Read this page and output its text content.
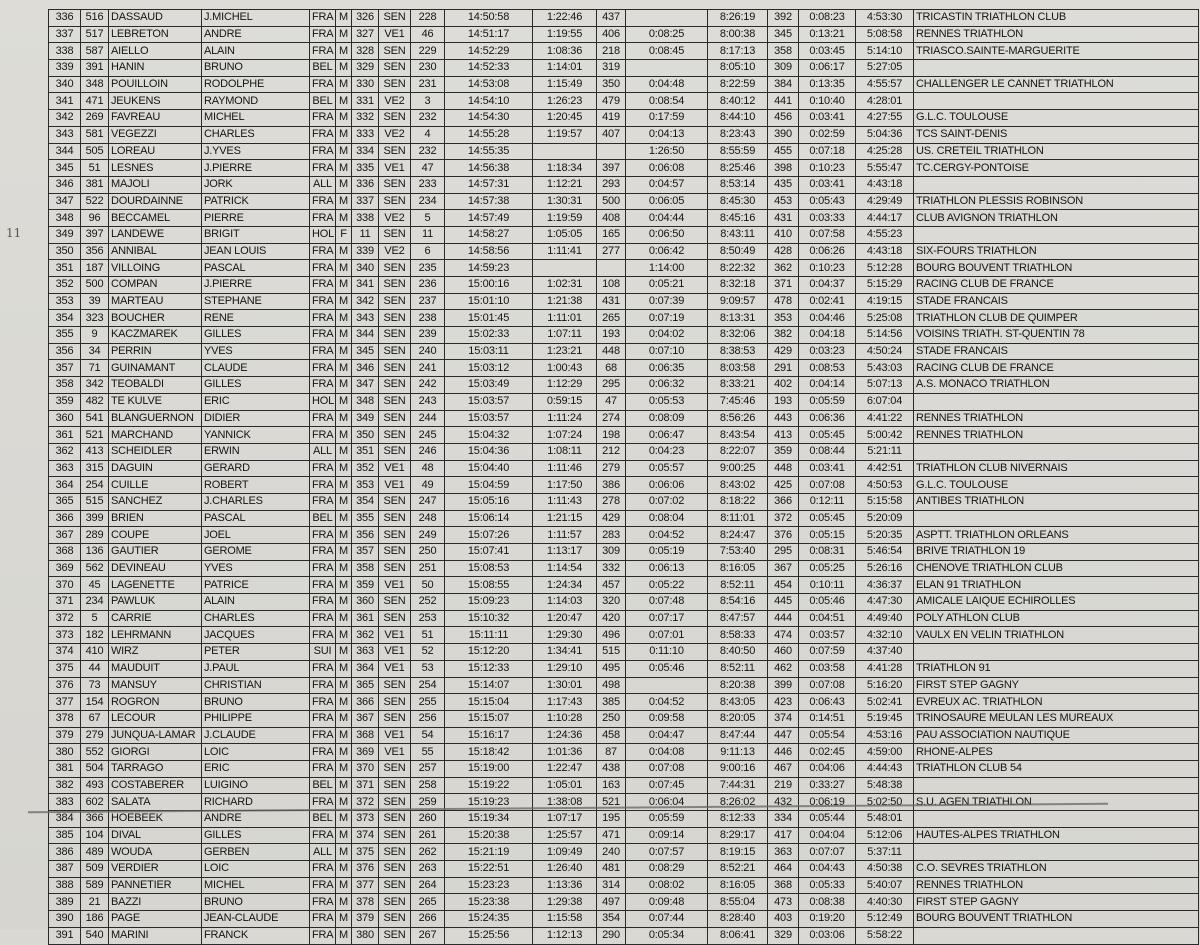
11
336	516	DASSAUD	J.MICHEL	FRA	M	326	SEN	228	14:50:58	1:22:46	437		8:26:19	392	0:08:23	4:53:30	TRICASTIN TRIATHLON CLUB
337	517	LEBRETON	ANDRE	FRA	M	327	VE1	46	14:51:17	1:19:55	406	0:08:25	8:00:38	345	0:13:21	5:08:58	RENNES TRIATHLON
338	587	AIELLO	ALAIN	FRA	M	328	SEN	229	14:52:29	1:08:36	218	0:08:45	8:17:13	358	0:03:45	5:14:10	TRIASCO.SAINTE-MARGUERITE
339	391	HANIN	BRUNO	BEL	M	329	SEN	230	14:52:33	1:14:01	319		8:05:10	309	0:06:17	5:27:05	
340	348	POUILLOIN	RODOLPHE	FRA	M	330	SEN	231	14:53:08	1:15:49	350	0:04:48	8:22:59	384	0:13:35	4:55:57	CHALLENGER LE CANNET TRIATHLON
341	471	JEUKENS	RAYMOND	BEL	M	331	VE2	3	14:54:10	1:26:23	479	0:08:54	8:40:12	441	0:10:40	4:28:01	
342	269	FAVREAU	MICHEL	FRA	M	332	SEN	232	14:54:30	1:20:45	419	0:17:59	8:44:10	456	0:03:41	4:27:55	G.L.C. TOULOUSE
343	581	VEGEZZI	CHARLES	FRA	M	333	VE2	4	14:55:28	1:19:57	407	0:04:13	8:23:43	390	0:02:59	5:04:36	TCS SAINT-DENIS
344	505	LOREAU	J.YVES	FRA	M	334	SEN	232	14:55:35			1:26:50	8:55:59	455	0:07:18	4:25:28	US. CRETEIL TRIATHLON
345	51	LESNES	J.PIERRE	FRA	M	335	VE1	47	14:56:38	1:18:34	397	0:06:08	8:25:46	398	0:10:23	5:55:47	TC.CERGY-PONTOISE
346	381	MAJOLI	JORK	ALL	M	336	SEN	233	14:57:31	1:12:21	293	0:04:57	8:53:14	435	0:03:41	4:43:18	
347	522	DOURDAINNE	PATRICK	FRA	M	337	SEN	234	14:57:38	1:30:31	500	0:06:05	8:45:30	453	0:05:43	4:29:49	TRIATHLON PLESSIS ROBINSON
348	96	BECCAMEL	PIERRE	FRA	M	338	VE2	5	14:57:49	1:19:59	408	0:04:44	8:45:16	431	0:03:33	4:44:17	CLUB AVIGNON TRIATHLON
349	397	LANDEWE	BRIGIT	HOL	F	11	SEN	11	14:58:27	1:05:05	165	0:06:50	8:43:11	410	0:07:58	4:55:23	
350	356	ANNIBAL	JEAN LOUIS	FRA	M	339	VE2	6	14:58:56	1:11:41	277	0:06:42	8:50:49	428	0:06:26	4:43:18	SIX-FOURS TRIATHLON
351	187	VILLOING	PASCAL	FRA	M	340	SEN	235	14:59:23			1:14:00	8:22:32	362	0:10:23	5:12:28	BOURG BOUVENT TRIATHLON
352	500	COMPAN	J.PIERRE	FRA	M	341	SEN	236	15:00:16	1:02:31	108	0:05:21	8:32:18	371	0:04:37	5:15:29	RACING CLUB DE FRANCE
353	39	MARTEAU	STEPHANE	FRA	M	342	SEN	237	15:01:10	1:21:38	431	0:07:39	9:09:57	478	0:02:41	4:19:15	STADE FRANCAIS
354	323	BOUCHER	RENE	FRA	M	343	SEN	238	15:01:45	1:11:01	265	0:07:19	8:13:31	353	0:04:46	5:25:08	TRIATHLON CLUB DE QUIMPER
355	9	KACZMAREK	GILLES	FRA	M	344	SEN	239	15:02:33	1:07:11	193	0:04:02	8:32:06	382	0:04:18	5:14:56	VOISINS TRIATH. ST-QUENTIN 78
356	34	PERRIN	YVES	FRA	M	345	SEN	240	15:03:11	1:23:21	448	0:07:10	8:38:53	429	0:03:23	4:50:24	STADE FRANCAIS
357	71	GUINAMANT	CLAUDE	FRA	M	346	SEN	241	15:03:12	1:00:43	68	0:06:35	8:03:58	291	0:08:53	5:43:03	RACING CLUB DE FRANCE
358	342	TEOBALDI	GILLES	FRA	M	347	SEN	242	15:03:49	1:12:29	295	0:06:32	8:33:21	402	0:04:14	5:07:13	A.S. MONACO TRIATHLON
359	482	TE KULVE	ERIC	HOL	M	348	SEN	243	15:03:57	0:59:15	47	0:05:53	7:45:46	193	0:05:59	6:07:04	
360	541	BLANGUERNON	DIDIER	FRA	M	349	SEN	244	15:03:57	1:11:24	274	0:08:09	8:56:26	443	0:06:36	4:41:22	RENNES TRIATHLON
361	521	MARCHAND	YANNICK	FRA	M	350	SEN	245	15:04:32	1:07:24	198	0:06:47	8:43:54	413	0:05:45	5:00:42	RENNES TRIATHLON
362	413	SCHEIDLER	ERWIN	ALL	M	351	SEN	246	15:04:36	1:08:11	212	0:04:23	8:22:07	359	0:08:44	5:21:11	
363	315	DAGUIN	GERARD	FRA	M	352	VE1	48	15:04:40	1:11:46	279	0:05:57	9:00:25	448	0:03:41	4:42:51	TRIATHLON CLUB NIVERNAIS
364	254	CUILLE	ROBERT	FRA	M	353	VE1	49	15:04:59	1:17:50	386	0:06:06	8:43:02	425	0:07:08	4:50:53	G.L.C. TOULOUSE
365	515	SANCHEZ	J.CHARLES	FRA	M	354	SEN	247	15:05:16	1:11:43	278	0:07:02	8:18:22	366	0:12:11	5:15:58	ANTIBES TRIATHLON
366	399	BRIEN	PASCAL	BEL	M	355	SEN	248	15:06:14	1:21:15	429	0:08:04	8:11:01	372	0:05:45	5:20:09	
367	289	COUPE	JOEL	FRA	M	356	SEN	249	15:07:26	1:11:57	283	0:04:52	8:24:47	376	0:05:15	5:20:35	ASPTT. TRIATHLON ORLEANS
368	136	GAUTIER	GEROME	FRA	M	357	SEN	250	15:07:41	1:13:17	309	0:05:19	7:53:40	295	0:08:31	5:46:54	BRIVE TRIATHLON 19
369	562	DEVINEAU	YVES	FRA	M	358	SEN	251	15:08:53	1:14:54	332	0:06:13	8:16:05	367	0:05:25	5:26:16	CHENOVE TRIATHLON CLUB
370	45	LAGENETTE	PATRICE	FRA	M	359	VE1	50	15:08:55	1:24:34	457	0:05:22	8:52:11	454	0:10:11	4:36:37	ELAN 91 TRIATHLON
371	234	PAWLUK	ALAIN	FRA	M	360	SEN	252	15:09:23	1:14:03	320	0:07:48	8:54:16	445	0:05:46	4:47:30	AMICALE LAIQUE ECHIROLLES
372	5	CARRIE	CHARLES	FRA	M	361	SEN	253	15:10:32	1:20:47	420	0:07:17	8:47:57	444	0:04:51	4:49:40	POLY ATHLON CLUB
373	182	LEHRMANN	JACQUES	FRA	M	362	VE1	51	15:11:11	1:29:30	496	0:07:01	8:58:33	474	0:03:57	4:32:10	VAULX EN VELIN TRIATHLON
374	410	WIRZ	PETER	SUI	M	363	VE1	52	15:12:20	1:34:41	515	0:11:10	8:40:50	460	0:07:59	4:37:40	
375	44	MAUDUIT	J.PAUL	FRA	M	364	VE1	53	15:12:33	1:29:10	495	0:05:46	8:52:11	462	0:03:58	4:41:28	TRIATHLON 91
376	73	MANSUY	CHRISTIAN	FRA	M	365	SEN	254	15:14:07	1:30:01	498		8:20:38	399	0:07:08	5:16:20	FIRST STEP GAGNY
377	154	ROGRON	BRUNO	FRA	M	366	SEN	255	15:15:04	1:17:43	385	0:04:52	8:43:05	423	0:06:43	5:02:41	EVREUX AC. TRIATHLON
378	67	LECOUR	PHILIPPE	FRA	M	367	SEN	256	15:15:07	1:10:28	250	0:09:58	8:20:05	374	0:14:51	5:19:45	TRINOSAURE MEULAN LES MUREAUX
379	279	JUNQUA-LAMAR	J.CLAUDE	FRA	M	368	VE1	54	15:16:17	1:24:36	458	0:04:47	8:47:44	447	0:05:54	4:53:16	PAU ASSOCIATION NAUTIQUE
380	552	GIORGI	LOIC	FRA	M	369	VE1	55	15:18:42	1:01:36	87	0:04:08	9:11:13	446	0:02:45	4:59:00	RHONE-ALPES
381	504	TARRAGO	ERIC	FRA	M	370	SEN	257	15:19:00	1:22:47	438	0:07:08	9:00:16	467	0:04:06	4:44:43	TRIATHLON CLUB 54
382	493	COSTABERER	LUIGINO	BEL	M	371	SEN	258	15:19:22	1:05:01	163	0:07:45	7:44:31	219	0:33:27	5:48:38	
383	602	SALATA	RICHARD	FRA	M	372	SEN	259	15:19:23	1:38:08	521	0:06:04	8:26:02	432	0:06:19	5:02:50	S.U. AGEN TRIATHLON
384	366	HOEBEEK	ANDRE	BEL	M	373	SEN	260	15:19:34	1:07:17	195	0:05:59	8:12:33	334	0:05:44	5:48:01	
385	104	DIVAL	GILLES	FRA	M	374	SEN	261	15:20:38	1:25:57	471	0:09:14	8:29:17	417	0:04:04	5:12:06	HAUTES-ALPES TRIATHLON
386	489	WOUDA	GERBEN	ALL	M	375	SEN	262	15:21:19	1:09:49	240	0:07:57	8:19:15	363	0:07:07	5:37:11	
387	509	VERDIER	LOIC	FRA	M	376	SEN	263	15:22:51	1:26:40	481	0:08:29	8:52:21	464	0:04:43	4:50:38	C.O. SEVRES TRIATHLON
388	589	PANNETIER	MICHEL	FRA	M	377	SEN	264	15:23:23	1:13:36	314	0:08:02	8:16:05	368	0:05:33	5:40:07	RENNES TRIATHLON
389	21	BAZZI	BRUNO	FRA	M	378	SEN	265	15:23:38	1:29:38	497	0:09:48	8:55:04	473	0:08:38	4:40:30	FIRST STEP GAGNY
390	186	PAGE	JEAN-CLAUDE	FRA	M	379	SEN	266	15:24:35	1:15:58	354	0:07:44	8:28:40	403	0:19:20	5:12:49	BOURG BOUVENT TRIATHLON
391	540	MARINI	FRANCK	FRA	M	380	SEN	267	15:25:56	1:12:13	290	0:05:34	8:06:41	329	0:03:06	5:58:22	
